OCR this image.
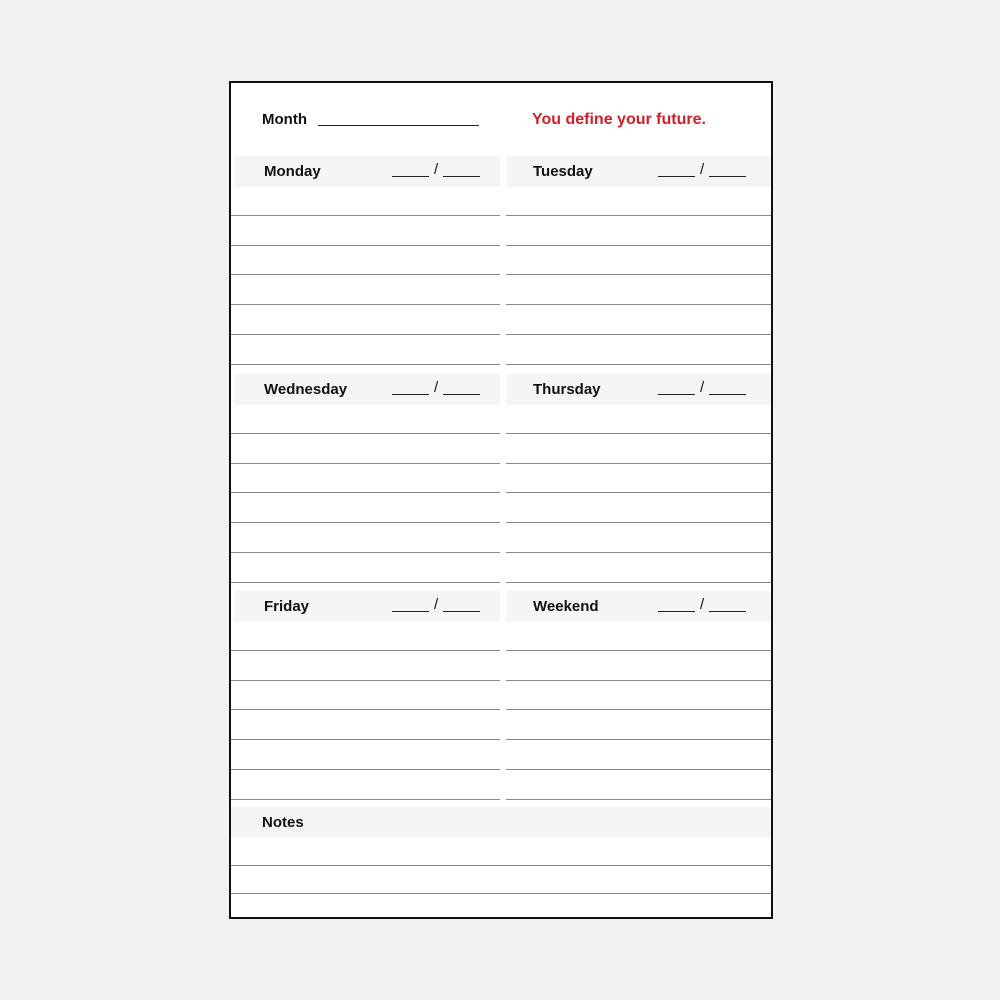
Month	You define your future.
Monday	/	Tuesday	/
Wednesday	/	Thursday	/
Friday	/	Weekend	/
Notes
